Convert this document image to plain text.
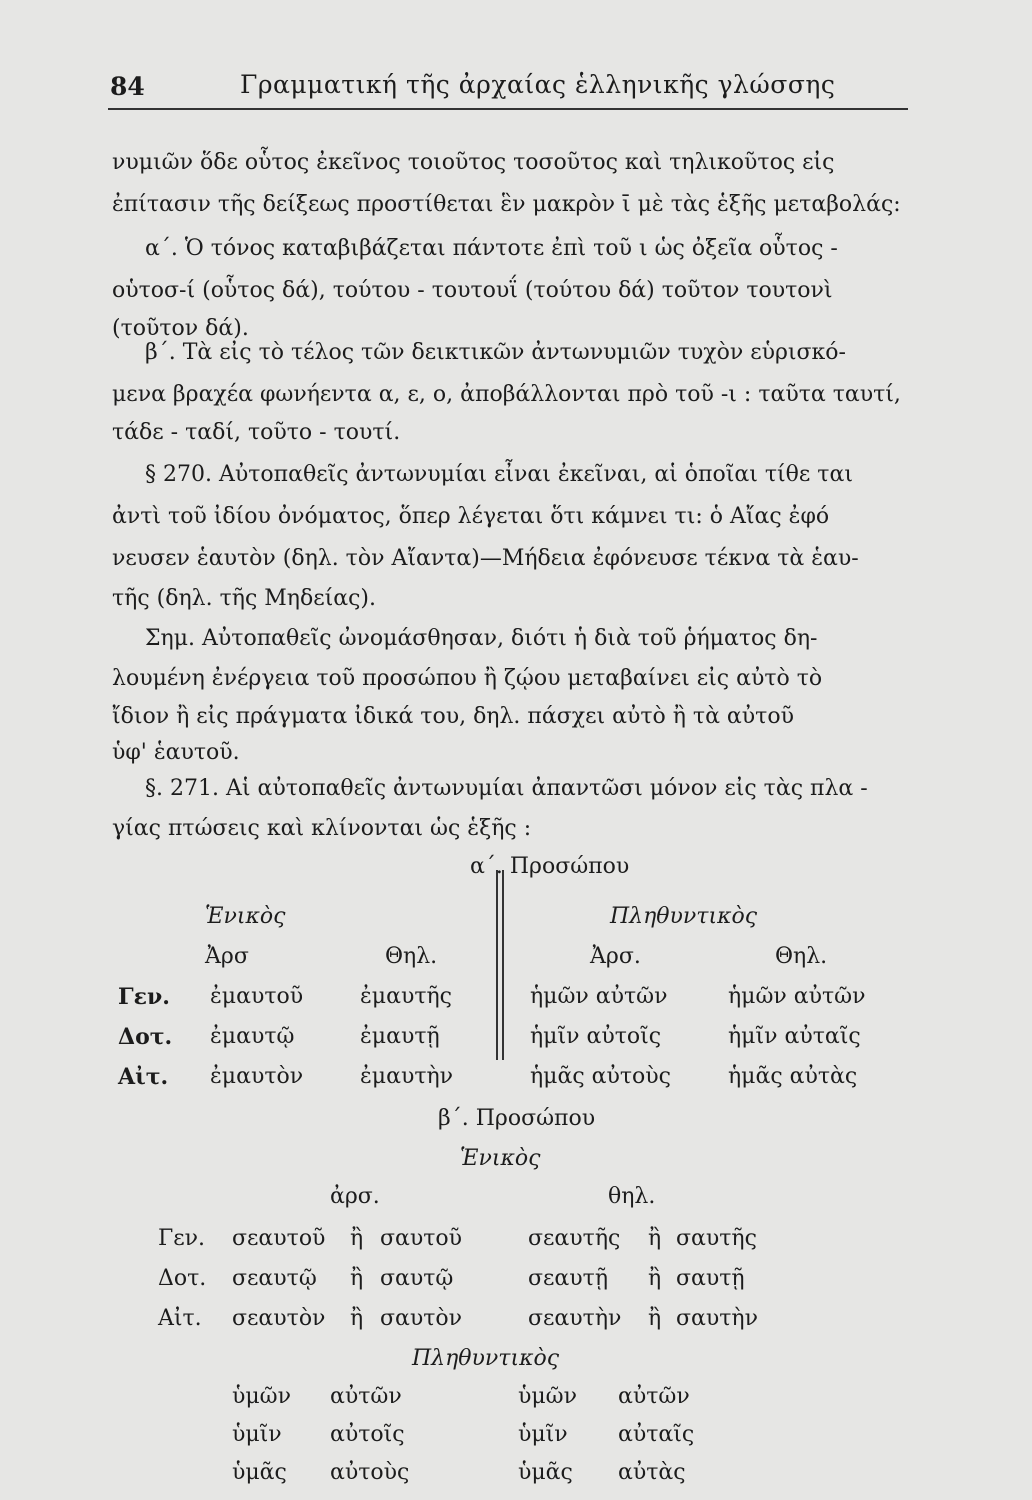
84	Γραμματική τῆς ἀρχαίας ἑλληνικῆς γλώσσης
νυμιῶν ὅδε οὗτος ἐκεῖνος τοιοῦτος τοσοῦτος καὶ τηλικοῦτος εἰς
ἐπίτασιν τῆς δείξεως προστίθεται ἓν μακρὸν ῑ μὲ τὰς ἑξῆς μεταβολάς:
α΄. Ὁ τόνος καταβιβάζεται πάντοτε ἐπὶ τοῦ ι ὡς ὀξεῖα οὗτος -
οὑτοσ-ί (οὗτος δά), τούτου - τουτουΐ (τούτου δά) τοῦτον τουτονὶ
(τοῦτον δά).
β΄. Τὰ εἰς τὸ τέλος τῶν δεικτικῶν ἀντωνυμιῶν τυχὸν εὑρισκό-
μενα βραχέα φωνήεντα α, ε, ο, ἀποβάλλονται πρὸ τοῦ -ι : ταῦτα ταυτί,
τάδε - ταδί, τοῦτο - τουτί.
§ 270. Αὐτοπαθεῖς ἀντωνυμίαι εἶναι ἐκεῖναι, αἱ ὁποῖαι τίθε ται
ἀντὶ τοῦ ἰδίου ὀνόματος, ὅπερ λέγεται ὅτι κάμνει τι: ὁ Αἴας ἐφό
νευσεν ἑαυτὸν (δηλ. τὸν Αἴαντα)—Μήδεια ἐφόνευσε τέκνα τὰ ἑαυ-
τῆς (δηλ. τῆς Μηδείας).
Σημ. Αὐτοπαθεῖς ὠνομάσθησαν, διότι ἡ διὰ τοῦ ῥήματος δη-
λουμένη ἐνέργεια τοῦ προσώπου ἢ ζῴου μεταβαίνει εἰς αὐτὸ τὸ
ἴδιον ἢ εἰς πράγματα ἰδικά του, δηλ. πάσχει αὐτὸ ἢ τὰ αὐτοῦ
ὑφ' ἑαυτοῦ.
§. 271. Αἱ αὐτοπαθεῖς ἀντωνυμίαι ἀπαντῶσι μόνον εἰς τὰς πλα -
γίας πτώσεις καὶ κλίνονται ὡς ἑξῆς :
α΄. Προσώπου
Ἑνικὸς	Πληθυντικὸς
Ἀρσ	Θηλ.	Ἀρσ.	Θηλ.
Γεν. ἐμαυτοῦ	ἐμαυτῆς	ἡμῶν αὐτῶν	ἡμῶν αὐτῶν
Δοτ. ἐμαυτῷ	ἐμαυτῇ	ἡμῖν αὐτοῖς	ἡμῖν αὐταῖς
Αἰτ. ἐμαυτὸν	ἐμαυτὴν	ἡμᾶς αὐτοὺς	ἡμᾶς αὐτὰς
β΄. Προσώπου
Ἑνικὸς
ἀρσ.	θηλ.
Γεν. σεαυτοῦ ἢ σαυτοῦ	σεαυτῆς ἢ σαυτῆς
Δοτ. σεαυτῷ ἢ σαυτῷ	σεαυτῇ ἢ σαυτῇ
Αἰτ. σεαυτὸν ἢ σαυτὸν	σεαυτὴν ἢ σαυτὴν
Πληθυντικὸς
ὑμῶν αὐτῶν	ὑμῶν αὐτῶν
ὑμῖν αὐτοῖς	ὑμῖν αὐταῖς
ὑμᾶς αὐτοὺς	ὑμᾶς αὐτὰς
